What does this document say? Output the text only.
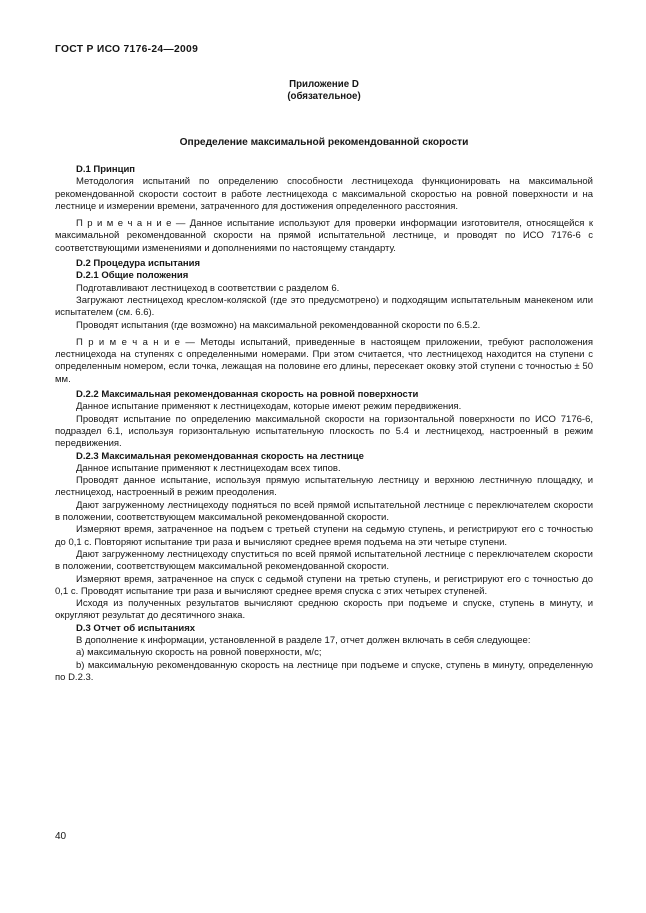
ГОСТ Р ИСО 7176-24—2009
Приложение D
(обязательное)
Определение максимальной рекомендованной скорости

D.1 Принцип

Методология испытаний по определению способности лестницехода функционировать на максимальной рекомендованной скорости состоит в работе лестницехода с максимальной скоростью на ровной поверхности и на лестнице и измерении времени, затраченного для достижения определенного расстояния.

П р и м е ч а н и е — Данное испытание используют для проверки информации изготовителя, относящейся к максимальной рекомендованной скорости на прямой испытательной лестнице, и проводят по ИСО 7176-6 с соответствующими изменениями и дополнениями по настоящему стандарту.

D.2 Процедура испытания

D.2.1 Общие положения

Подготавливают лестницеход в соответствии с разделом 6.

Загружают лестницеход креслом-коляской (где это предусмотрено) и подходящим испытательным манекеном или испытателем (см. 6.6).

Проводят испытания (где возможно) на максимальной рекомендованной скорости по 6.5.2.

П р и м е ч а н и е — Методы испытаний, приведенные в настоящем приложении, требуют расположения лестницехода на ступенях с определенными номерами. При этом считается, что лестницеход находится на ступени с определенным номером, если точка, лежащая на половине его длины, пересекает оковку этой ступени с точностью ± 50 мм.

D.2.2 Максимальная рекомендованная скорость на ровной поверхности

Данное испытание применяют к лестницеходам, которые имеют режим передвижения.

Проводят испытание по определению максимальной скорости на горизонтальной поверхности по ИСО 7176-6, подраздел 6.1, используя горизонтальную испытательную плоскость по 5.4 и лестницеход, настроенный в режим передвижения.

D.2.3 Максимальная рекомендованная скорость на лестнице

Данное испытание применяют к лестницеходам всех типов.

Проводят данное испытание, используя прямую испытательную лестницу и верхнюю лестничную площадку, и лестницеход, настроенный в режим преодоления.

Дают загруженному лестницеходу подняться по всей прямой испытательной лестнице с переключателем скорости в положении, соответствующем максимальной рекомендованной скорости.

Измеряют время, затраченное на подъем с третьей ступени на седьмую ступень, и регистрируют его с точностью до 0,1 с. Повторяют испытание три раза и вычисляют среднее время подъема на эти четыре ступени.

Дают загруженному лестницеходу спуститься по всей прямой испытательной лестнице с переключателем скорости в положении, соответствующем максимальной рекомендованной скорости.

Измеряют время, затраченное на спуск с седьмой ступени на третью ступень, и регистрируют его с точностью до 0,1 с. Проводят испытание три раза и вычисляют среднее время спуска с этих четырех ступеней.

Исходя из полученных результатов вычисляют среднюю скорость при подъеме и спуске, ступень в минуту, и округляют результат до десятичного знака.

D.3 Отчет об испытаниях

В дополнение к информации, установленной в разделе 17, отчет должен включать в себя следующее:

a) максимальную скорость на ровной поверхности, м/с;

b) максимальную рекомендованную скорость на лестнице при подъеме и спуске, ступень в минуту, определенную по D.2.3.

40
